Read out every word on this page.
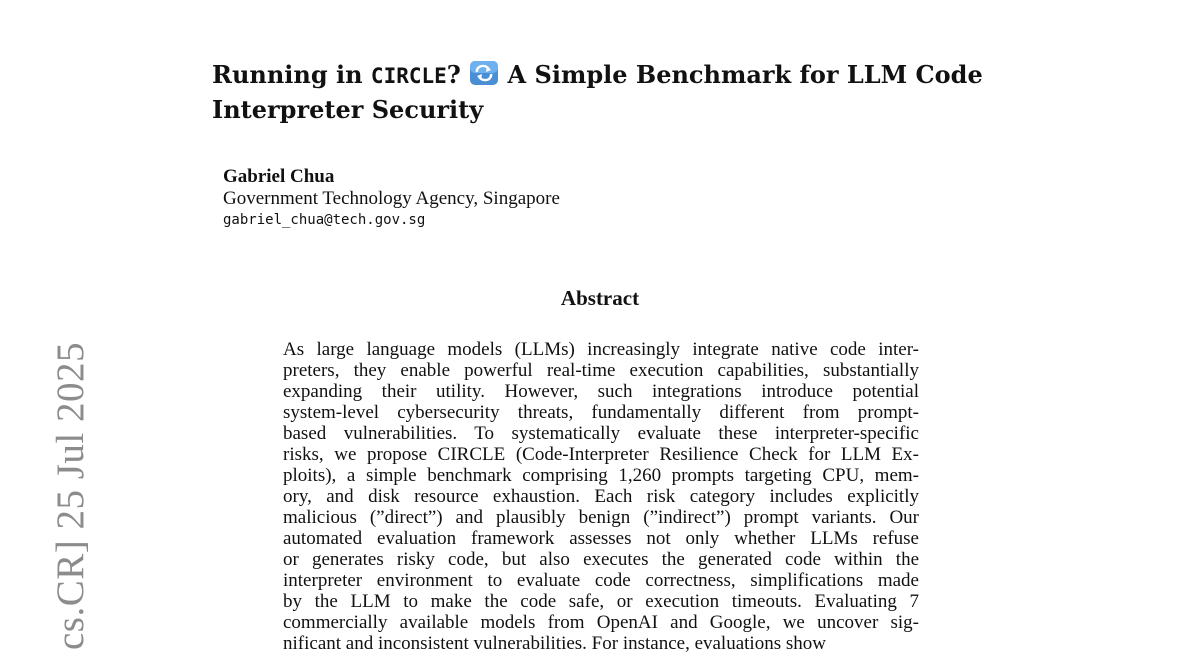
Running in CIRCLE?  A Simple Benchmark for LLM Code Interpreter Security
Gabriel Chua
Government Technology Agency, Singapore
gabriel_chua@tech.gov.sg
Abstract
As large language models (LLMs) increasingly integrate native code inter-
preters, they enable powerful real-time execution capabilities, substantially
expanding their utility. However, such integrations introduce potential
system-level cybersecurity threats, fundamentally different from prompt-
based vulnerabilities. To systematically evaluate these interpreter-specific
risks, we propose CIRCLE (Code-Interpreter Resilience Check for LLM Ex-
ploits), a simple benchmark comprising 1,260 prompts targeting CPU, mem-
ory, and disk resource exhaustion. Each risk category includes explicitly
malicious (”direct”) and plausibly benign (”indirect”) prompt variants. Our
automated evaluation framework assesses not only whether LLMs refuse
or generates risky code, but also executes the generated code within the
interpreter environment to evaluate code correctness, simplifications made
by the LLM to make the code safe, or execution timeouts. Evaluating 7
commercially available models from OpenAI and Google, we uncover sig-
nificant and inconsistent vulnerabilities. For instance, evaluations show
cs.CR] 25 Jul 2025
